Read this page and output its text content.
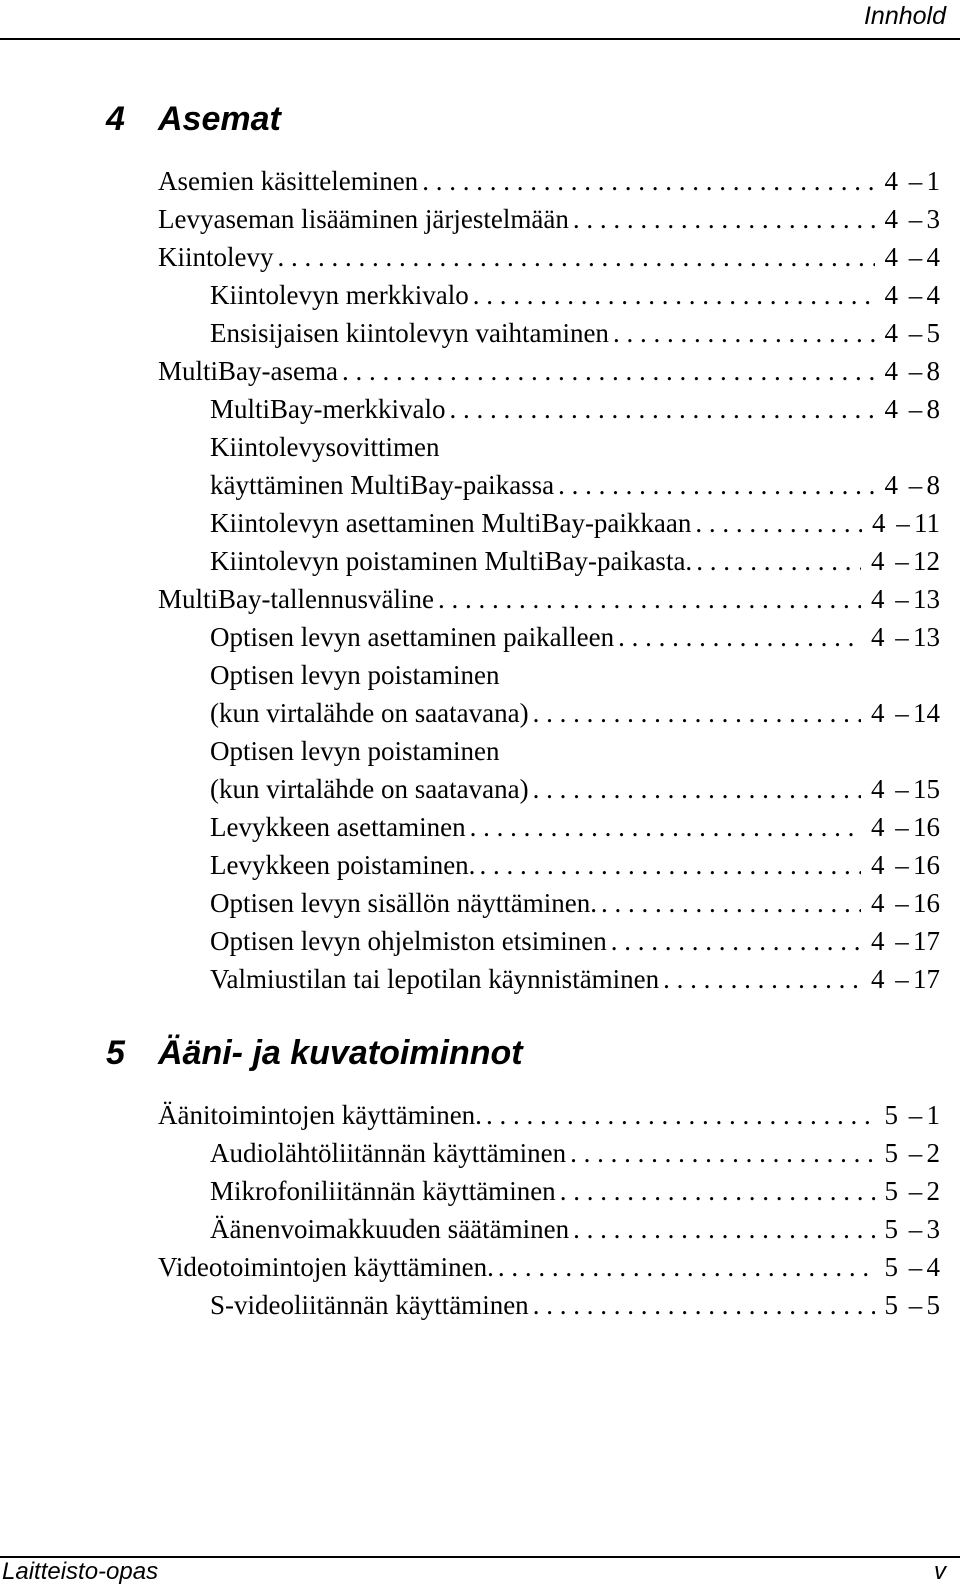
Innhold
4 Asemat
Asemien käsitteleminen . . .	4 – 1
Levyaseman lisääminen järjestelmään . . .	4 – 3
Kiintolevy . . .	4 – 4
Kiintolevyn merkkivalo . . .	4 – 4
Ensisijaisen kiintolevyn vaihtaminen . . .	4 – 5
MultiBay-asema . . .	4 – 8
MultiBay-merkkivalo . . .	4 – 8
Kiintolevysovittimen
käyttäminen MultiBay-paikassa . . .	4 – 8
Kiintolevyn asettaminen MultiBay-paikkaan . . .	4 – 11
Kiintolevyn poistaminen MultiBay-paikasta. . . .	4 – 12
MultiBay-tallennusväline . . .	4 – 13
Optisen levyn asettaminen paikalleen . . .	4 – 13
Optisen levyn poistaminen
(kun virtalähde on saatavana) . . .	4 – 14
Optisen levyn poistaminen
(kun virtalähde on saatavana) . . .	4 – 15
Levykkeen asettaminen . . .	4 – 16
Levykkeen poistaminen. . . .	4 – 16
Optisen levyn sisällön näyttäminen. . . .	4 – 16
Optisen levyn ohjelmiston etsiminen . . .	4 – 17
Valmiustilan tai lepotilan käynnistäminen . . .	4 – 17
5 Ääni- ja kuvatoiminnot
Äänitoimintojen käyttäminen. . . .	5 – 1
Audiolähtöliitännän käyttäminen . . .	5 – 2
Mikrofoniliitännän käyttäminen . . .	5 – 2
Äänenvoimakkuuden säätäminen . . .	5 – 3
Videotoimintojen käyttäminen. . . .	5 – 4
S-videoliitännän käyttäminen . . .	5 – 5
Laitteisto-opas	v
